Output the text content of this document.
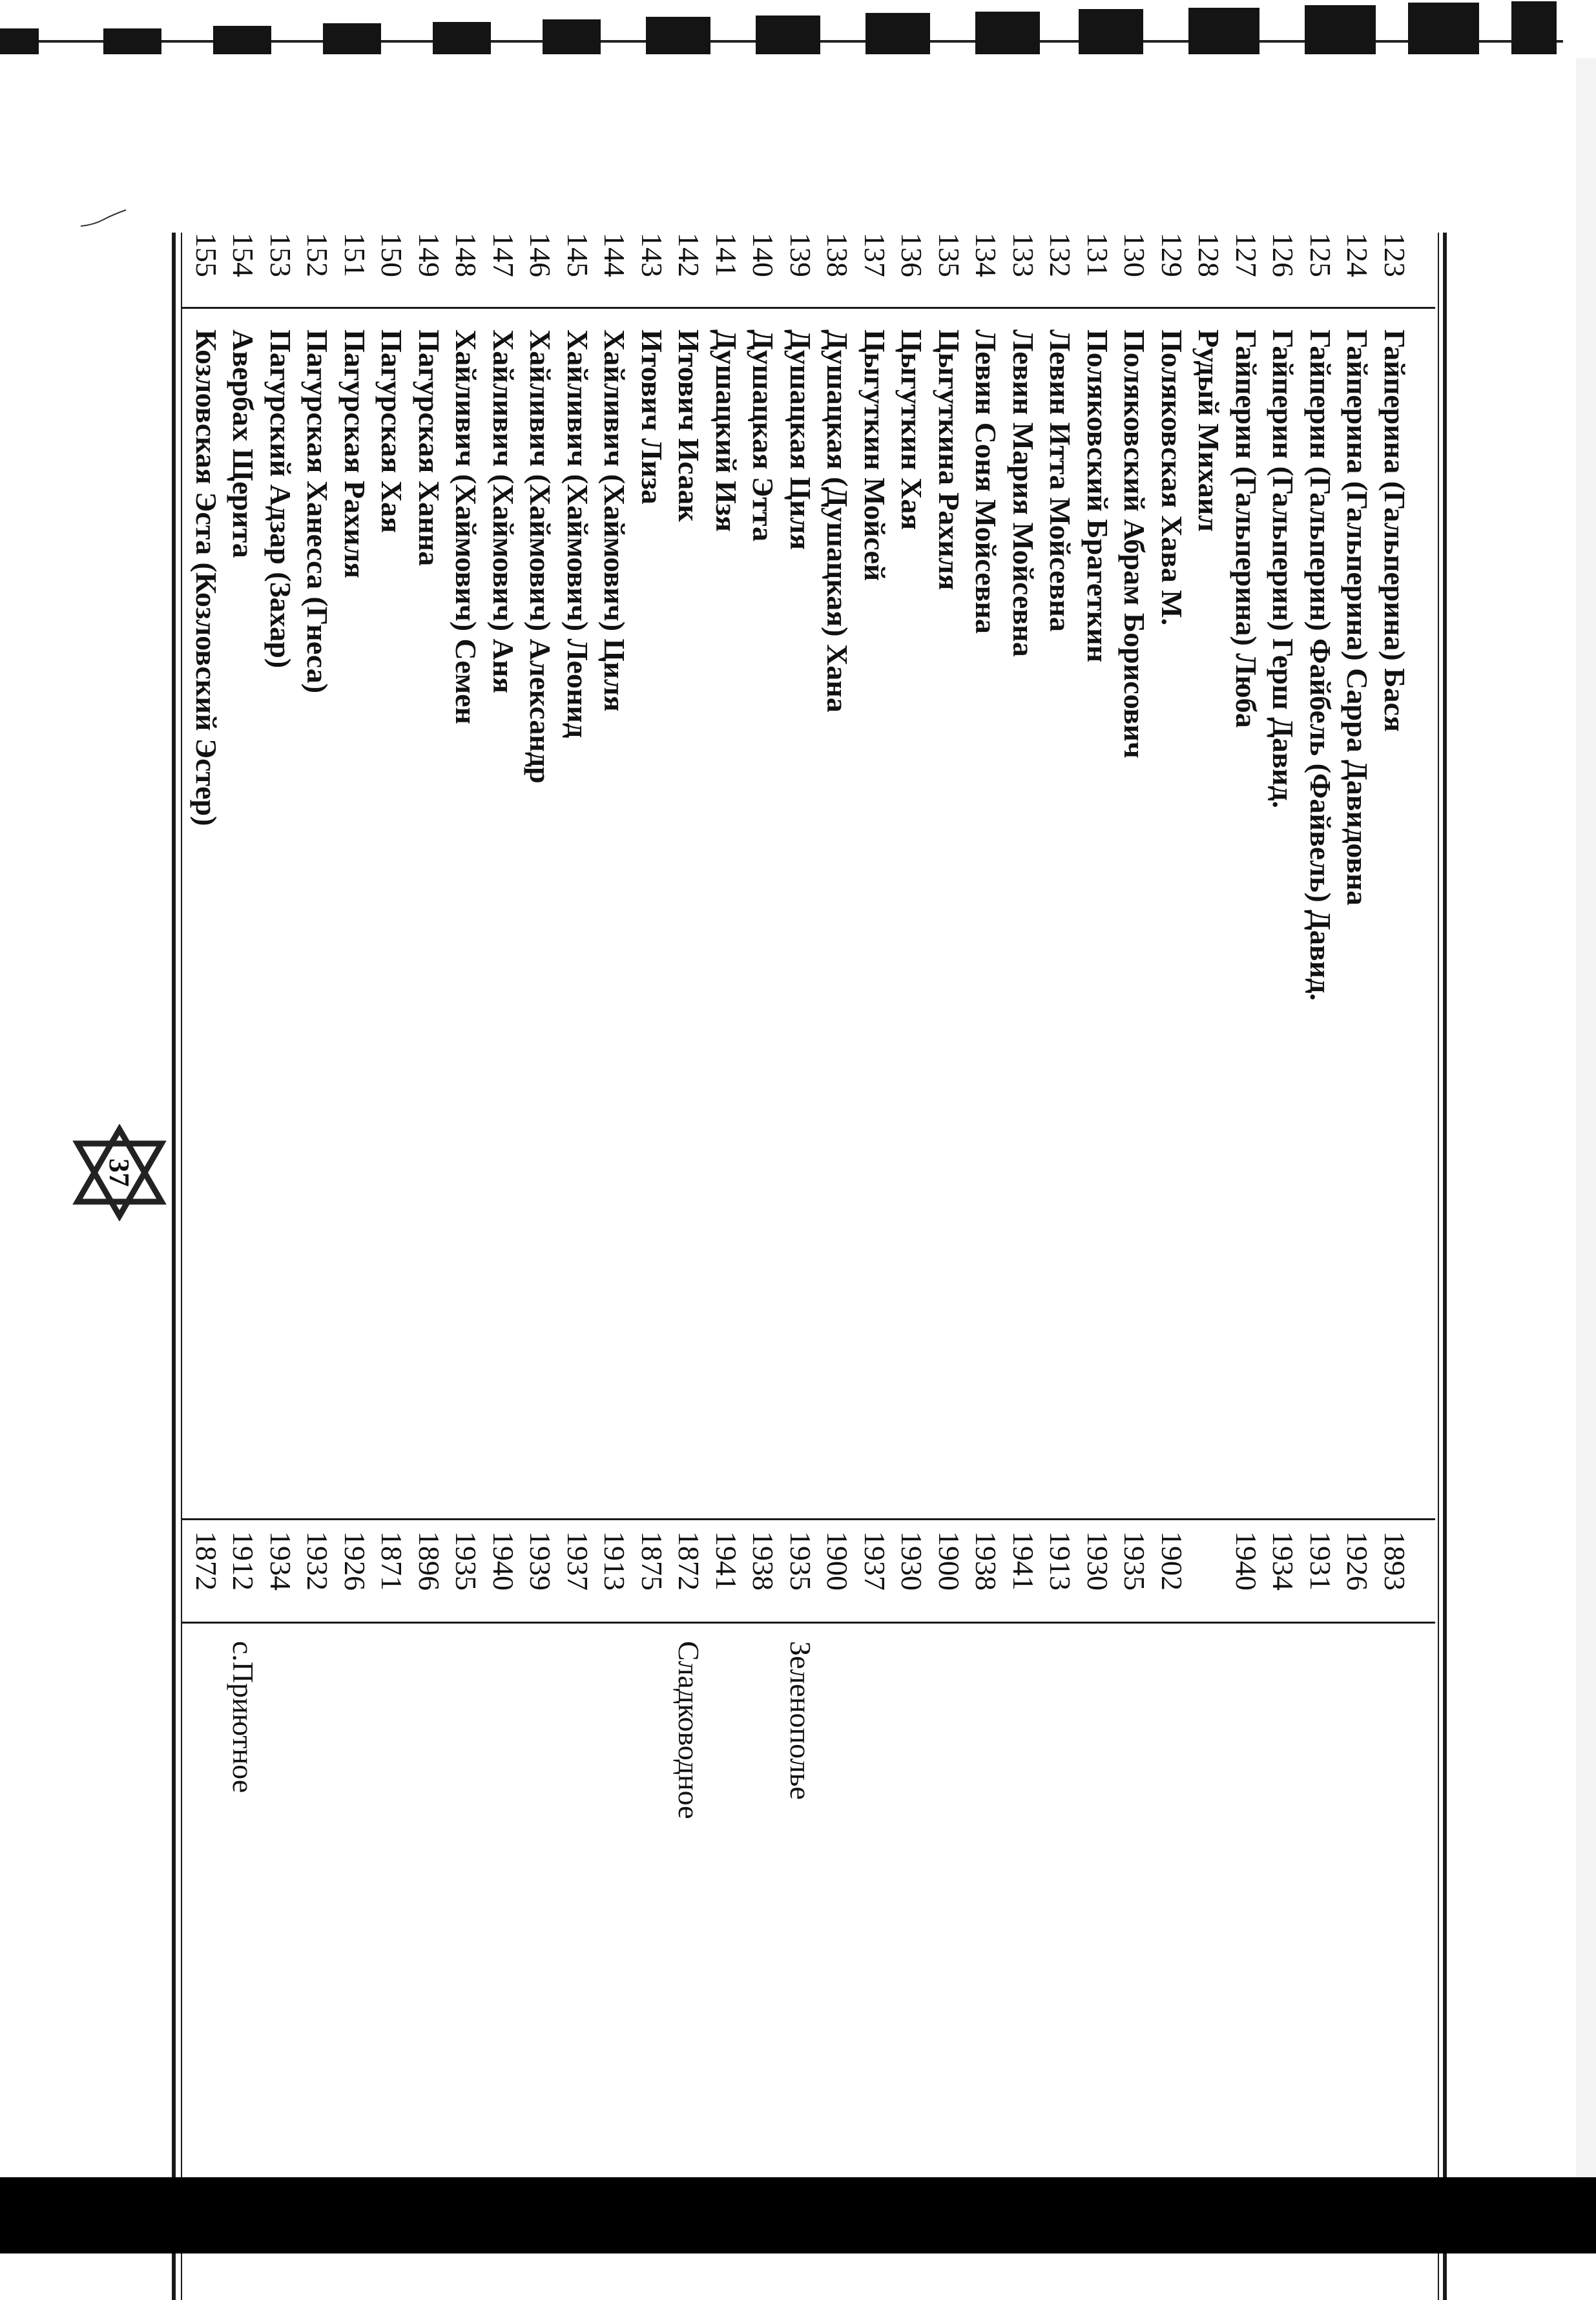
123
Гайперина (Гальперина) Бася
1893
124
Гайперина (Гальперина) Сарра Давидовна
1926
125
Гайперин (Гальперин) Файбель (Файвель) Давид.
1931
126
Гайперин (Гальперин) Герш Давид.
1934
127
Гайперин (Гальперина) Люба
1940
128
Рудый Михаил
129
Поляковская Хава М.
1902
130
Поляковский Абрам Борисович
1935
131
Поляковский Брагеткин
1930
132
Левин Итта Мойсевна
1913
133
Левин Мария Мойсевна
1941
134
Левин Соня Мойсевна
1938
135
Цыгуткина Рахиля
1900
136
Цыгуткин Хая
1930
137
Цыгуткин Мойсей
1937
138
Душацкая (Душацкая) Хана
1900
139
Душацкая Циля
1935
Зеленополье
140
Душацкая Этта
1938
141
Душацкий Изя
1941
142
Итович Исаак
1872
Сладководное
143
Итович Лиза
1875
144
Хайливич (Хаймович) Циля
1913
145
Хайливич (Хаймович) Леонид
1937
146
Хайливич (Хаймович) Александр
1939
147
Хайливич (Хаймович) Аня
1940
148
Хайливич (Хаймович) Семен
1935
149
Пагурская Ханна
1896
150
Пагурская Хая
1871
151
Пагурская Рахиля
1926
152
Пагурская Ханесса (Гнеса)
1932
153
Пагурский Адзар (Захар)
1934
154
Авербах Щерита
1912
с.Приютное
155
Козловская Эста (Козловский Эстер)
1872
37
